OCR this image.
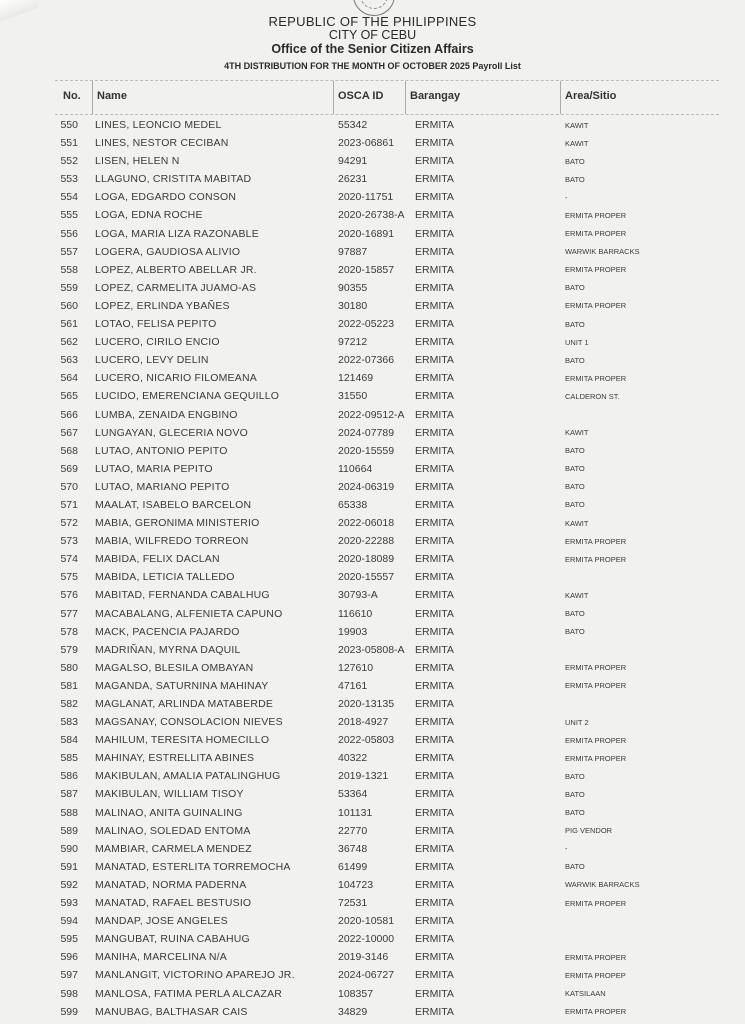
REPUBLIC OF THE PHILIPPINES
CITY OF CEBU
Office of the Senior Citizen Affairs
4TH DISTRIBUTION FOR THE MONTH OF OCTOBER 2025 Payroll List
No. Name	OSCA ID Barangay	Area/Sitio
550 LINES, LEONCIO MEDEL	55342	ERMITA	KAWIT
551 LINES, NESTOR CECIBAN	2023-06861 ERMITA	KAWIT
552 LISEN, HELEN N	94291	ERMITA	BATO
553 LLAGUNO, CRISTITA MABITAD	26231	ERMITA	BATO
554 LOGA, EDGARDO CONSON	2020-11751 ERMITA	-
555 LOGA, EDNA ROCHE	2020-26738-A ERMITA	ERMITA PROPER
556 LOGA, MARIA LIZA RAZONABLE	2020-16891 ERMITA	ERMITA PROPER
557 LOGERA, GAUDIOSA ALIVIO	97887	ERMITA	WARWIK BARRACKS
558 LOPEZ, ALBERTO ABELLAR JR.	2020-15857 ERMITA	ERMITA PROPER
559 LOPEZ, CARMELITA JUAMO-AS	90355	ERMITA	BATO
560 LOPEZ, ERLINDA YBAÑES	30180	ERMITA	ERMITA PROPER
561 LOTAO, FELISA PEPITO	2022-05223 ERMITA	BATO
562 LUCERO, CIRILO ENCIO	97212	ERMITA	UNIT 1
563 LUCERO, LEVY DELIN	2022-07366 ERMITA	BATO
564 LUCERO, NICARIO FILOMEANA	121469	ERMITA	ERMITA PROPER
565 LUCIDO, EMERENCIANA GEQUILLO	31550	ERMITA	CALDERON ST.
566 LUMBA, ZENAIDA ENGBINO	2022-09512-A ERMITA
567 LUNGAYAN, GLECERIA NOVO	2024-07789 ERMITA	KAWIT
568 LUTAO, ANTONIO PEPITO	2020-15559 ERMITA	BATO
569 LUTAO, MARIA PEPITO	110664	ERMITA	BATO
570 LUTAO, MARIANO PEPITO	2024-06319 ERMITA	BATO
571 MAALAT, ISABELO BARCELON	65338	ERMITA	BATO
572 MABIA, GERONIMA MINISTERIO	2022-06018 ERMITA	KAWIT
573 MABIA, WILFREDO TORREON	2020-22288 ERMITA	ERMITA PROPER
574 MABIDA, FELIX DACLAN	2020-18089 ERMITA	ERMITA PROPER
575 MABIDA, LETICIA TALLEDO	2020-15557 ERMITA
576 MABITAD, FERNANDA CABALHUG	30793-A	ERMITA	KAWIT
577 MACABALANG, ALFENIETA CAPUNO	116610	ERMITA	BATO
578 MACK, PACENCIA PAJARDO	19903	ERMITA	BATO
579 MADRIÑAN, MYRNA DAQUIL	2023-05808-A ERMITA
580 MAGALSO, BLESILA OMBAYAN	127610	ERMITA	ERMITA PROPER
581 MAGANDA, SATURNINA MAHINAY	47161	ERMITA	ERMITA PROPER
582 MAGLANAT, ARLINDA MATABERDE	2020-13135 ERMITA
583 MAGSANAY, CONSOLACION NIEVES	2018-4927	ERMITA	UNIT 2
584 MAHILUM, TERESITA HOMECILLO	2022-05803 ERMITA	ERMITA PROPER
585 MAHINAY, ESTRELLITA ABINES	40322	ERMITA	ERMITA PROPER
586 MAKIBULAN, AMALIA PATALINGHUG	2019-1321	ERMITA	BATO
587 MAKIBULAN, WILLIAM TISOY	53364	ERMITA	BATO
588 MALINAO, ANITA GUINALING	101131	ERMITA	BATO
589 MALINAO, SOLEDAD ENTOMA	22770	ERMITA	PIG VENDOR
590 MAMBIAR, CARMELA MENDEZ	36748	ERMITA	-
591 MANATAD, ESTERLITA TORREMOCHA	61499	ERMITA	BATO
592 MANATAD, NORMA PADERNA	104723	ERMITA	WARWIK BARRACKS
593 MANATAD, RAFAEL BESTUSIO	72531	ERMITA	ERMITA PROPER
594 MANDAP, JOSE ANGELES	2020-10581 ERMITA
595 MANGUBAT, RUINA CABAHUG	2022-10000 ERMITA
596 MANIHA, MARCELINA N/A	2019-3146	ERMITA	ERMITA PROPER
597 MANLANGIT, VICTORINO APAREJO JR.	2024-06727 ERMITA	ERMITA PROPEP
598 MANLOSA, FATIMA PERLA ALCAZAR	108357	ERMITA	KATSILAAN
599 MANUBAG, BALTHASAR CAIS	34829	ERMITA	ERMITA PROPER
